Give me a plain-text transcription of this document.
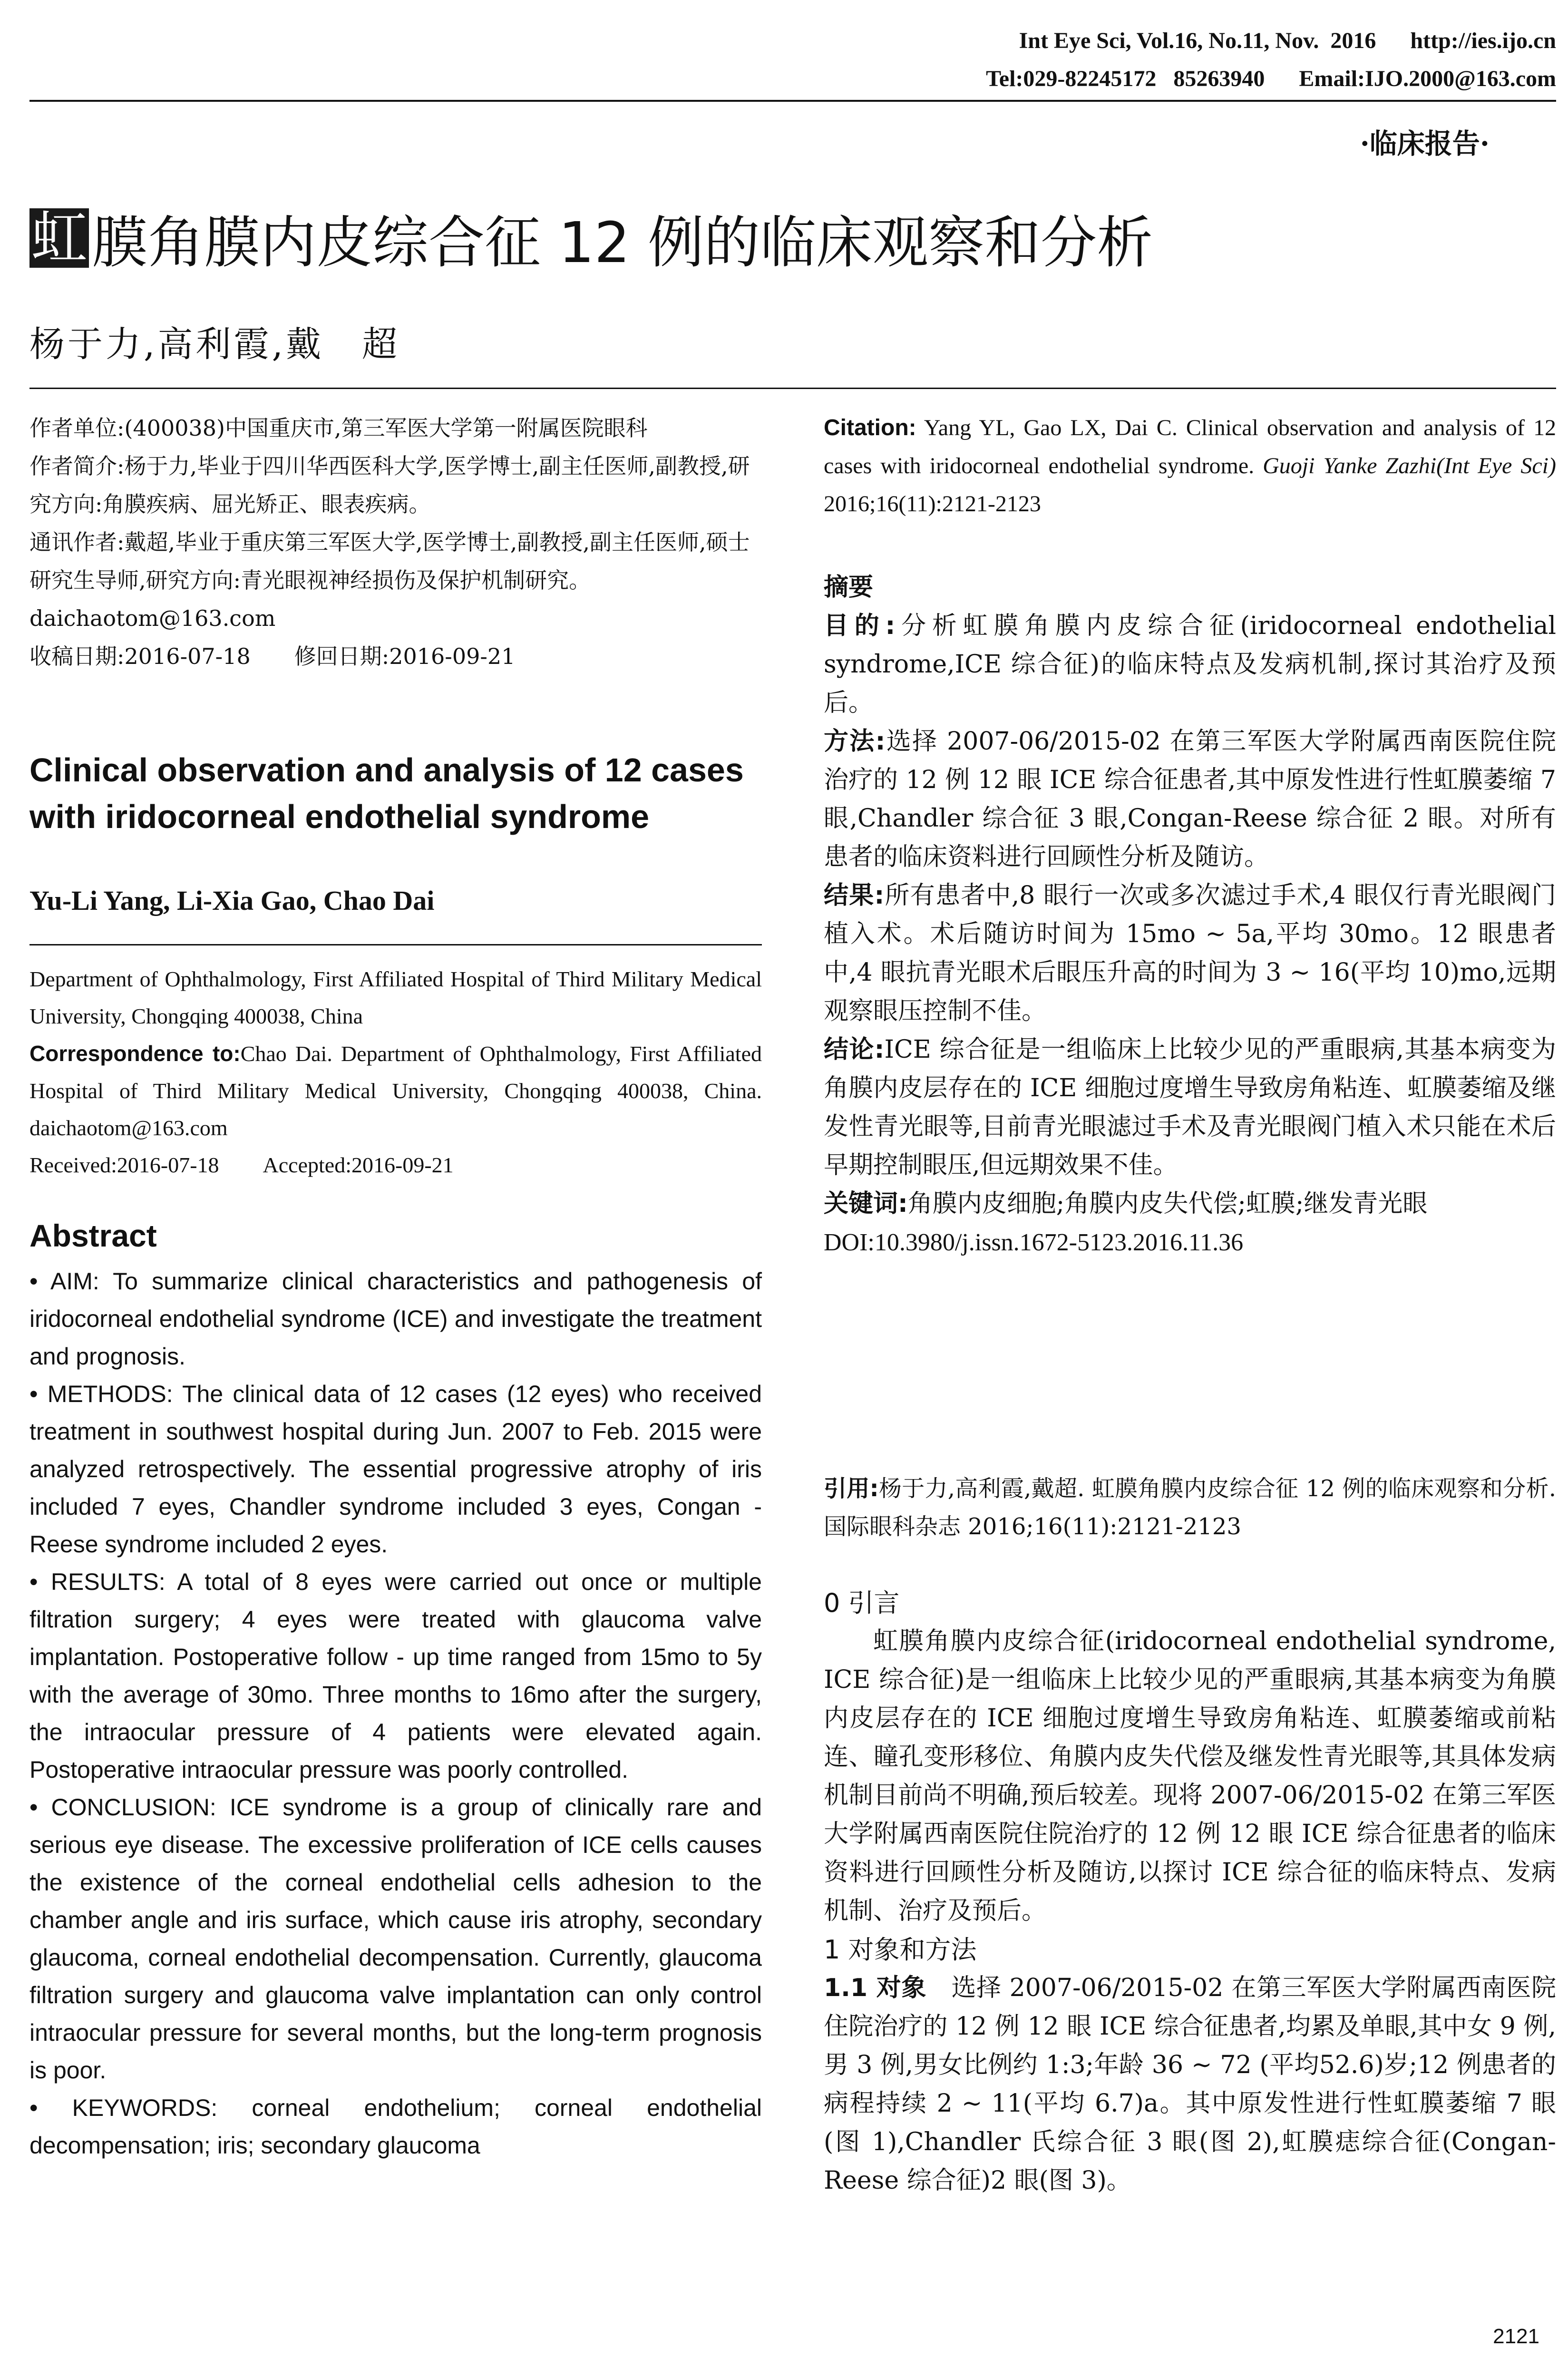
Int Eye Sci, Vol.16, No.11, Nov.  2016 http://ies.ijo.cn
Tel:029-82245172   85263940 Email:IJO.2000@163.com
·临床报告·
虹 膜角膜内皮综合征 12 例的临床观察和分析
杨于力,高利霞,戴　超

作者单位:(400038)中国重庆市,第三军医大学第一附属医院眼科

作者简介:杨于力,毕业于四川华西医科大学,医学博士,副主任医师,副教授,研究方向:角膜疾病、屈光矫正、眼表疾病。

通讯作者:戴超,毕业于重庆第三军医大学,医学博士,副教授,副主任医师,硕士研究生导师,研究方向:青光眼视神经损伤及保护机制研究。daichaotom@163.com

收稿日期:2016-07-18　　修回日期:2016-09-21

Clinical observation and analysis of 12 cases with iridocorneal endothelial syndrome
Yu-Li Yang, Li-Xia Gao, Chao Dai

Department of Ophthalmology, First Affiliated Hospital of Third Military Medical University, Chongqing 400038, China

Correspondence to:Chao Dai. Department of Ophthalmology, First Affiliated Hospital of Third Military Medical University, Chongqing 400038, China. daichaotom@163.com

Received:2016-07-18　　Accepted:2016-09-21

Abstract

• AIM: To summarize clinical characteristics and pathogenesis of iridocorneal endothelial syndrome (ICE) and investigate the treatment and prognosis.

• METHODS: The clinical data of 12 cases (12 eyes) who received treatment in southwest hospital during Jun. 2007 to Feb. 2015 were analyzed retrospectively. The essential progressive atrophy of iris included 7 eyes, Chandler syndrome included 3 eyes, Congan - Reese syndrome included 2 eyes.

• RESULTS: A total of 8 eyes were carried out once or multiple filtration surgery; 4 eyes were treated with glaucoma valve implantation. Postoperative follow - up time ranged from 15mo to 5y with the average of 30mo. Three months to 16mo after the surgery, the intraocular pressure of 4 patients were elevated again. Postoperative intraocular pressure was poorly controlled.

• CONCLUSION: ICE syndrome is a group of clinically rare and serious eye disease. The excessive proliferation of ICE cells causes the existence of the corneal endothelial cells adhesion to the chamber angle and iris surface, which cause iris atrophy, secondary glaucoma, corneal endothelial decompensation. Currently, glaucoma filtration surgery and glaucoma valve implantation can only control intraocular pressure for several months, but the long-term prognosis is poor.

• KEYWORDS: corneal endothelium; corneal endothelial decompensation; iris; secondary glaucoma

Citation: Yang YL, Gao LX, Dai C. Clinical observation and analysis of 12 cases with iridocorneal endothelial syndrome. Guoji Yanke Zazhi(Int Eye Sci) 2016;16(11):2121-2123

摘要

目的:分析虹膜角膜内皮综合征(iridocorneal endothelial syndrome,ICE 综合征)的临床特点及发病机制,探讨其治疗及预后。

方法:选择 2007-06/2015-02 在第三军医大学附属西南医院住院治疗的 12 例 12 眼 ICE 综合征患者,其中原发性进行性虹膜萎缩 7 眼,Chandler 综合征 3 眼,Congan-Reese 综合征 2 眼。对所有患者的临床资料进行回顾性分析及随访。

结果:所有患者中,8 眼行一次或多次滤过手术,4 眼仅行青光眼阀门植入术。术后随访时间为 15mo ~ 5a,平均 30mo。12 眼患者中,4 眼抗青光眼术后眼压升高的时间为 3 ~ 16(平均 10)mo,远期观察眼压控制不佳。

结论:ICE 综合征是一组临床上比较少见的严重眼病,其基本病变为角膜内皮层存在的 ICE 细胞过度增生导致房角粘连、虹膜萎缩及继发性青光眼等,目前青光眼滤过手术及青光眼阀门植入术只能在术后早期控制眼压,但远期效果不佳。

关键词:角膜内皮细胞;角膜内皮失代偿;虹膜;继发青光眼

DOI:10.3980/j.issn.1672-5123.2016.11.36

引用:杨于力,高利霞,戴超. 虹膜角膜内皮综合征 12 例的临床观察和分析. 国际眼科杂志 2016;16(11):2121-2123

0 引言

虹膜角膜内皮综合征(iridocorneal endothelial syndrome, ICE 综合征)是一组临床上比较少见的严重眼病,其基本病变为角膜内皮层存在的 ICE 细胞过度增生导致房角粘连、虹膜萎缩或前粘连、瞳孔变形移位、角膜内皮失代偿及继发性青光眼等,其具体发病机制目前尚不明确,预后较差。现将 2007-06/2015-02 在第三军医大学附属西南医院住院治疗的 12 例 12 眼 ICE 综合征患者的临床资料进行回顾性分析及随访,以探讨 ICE 综合征的临床特点、发病机制、治疗及预后。

1 对象和方法

1.1 对象　 选择 2007-06/2015-02 在第三军医大学附属西南医院住院治疗的 12 例 12 眼 ICE 综合征患者,均累及单眼,其中女 9 例,男 3 例,男女比例约 1:3;年龄 36 ~ 72 (平均52.6)岁;12 例患者的病程持续 2 ~ 11(平均 6.7)a。其中原发性进行性虹膜萎缩 7 眼(图 1),Chandler 氏综合征 3 眼(图 2),虹膜痣综合征(Congan-Reese 综合征)2 眼(图 3)。

2121
